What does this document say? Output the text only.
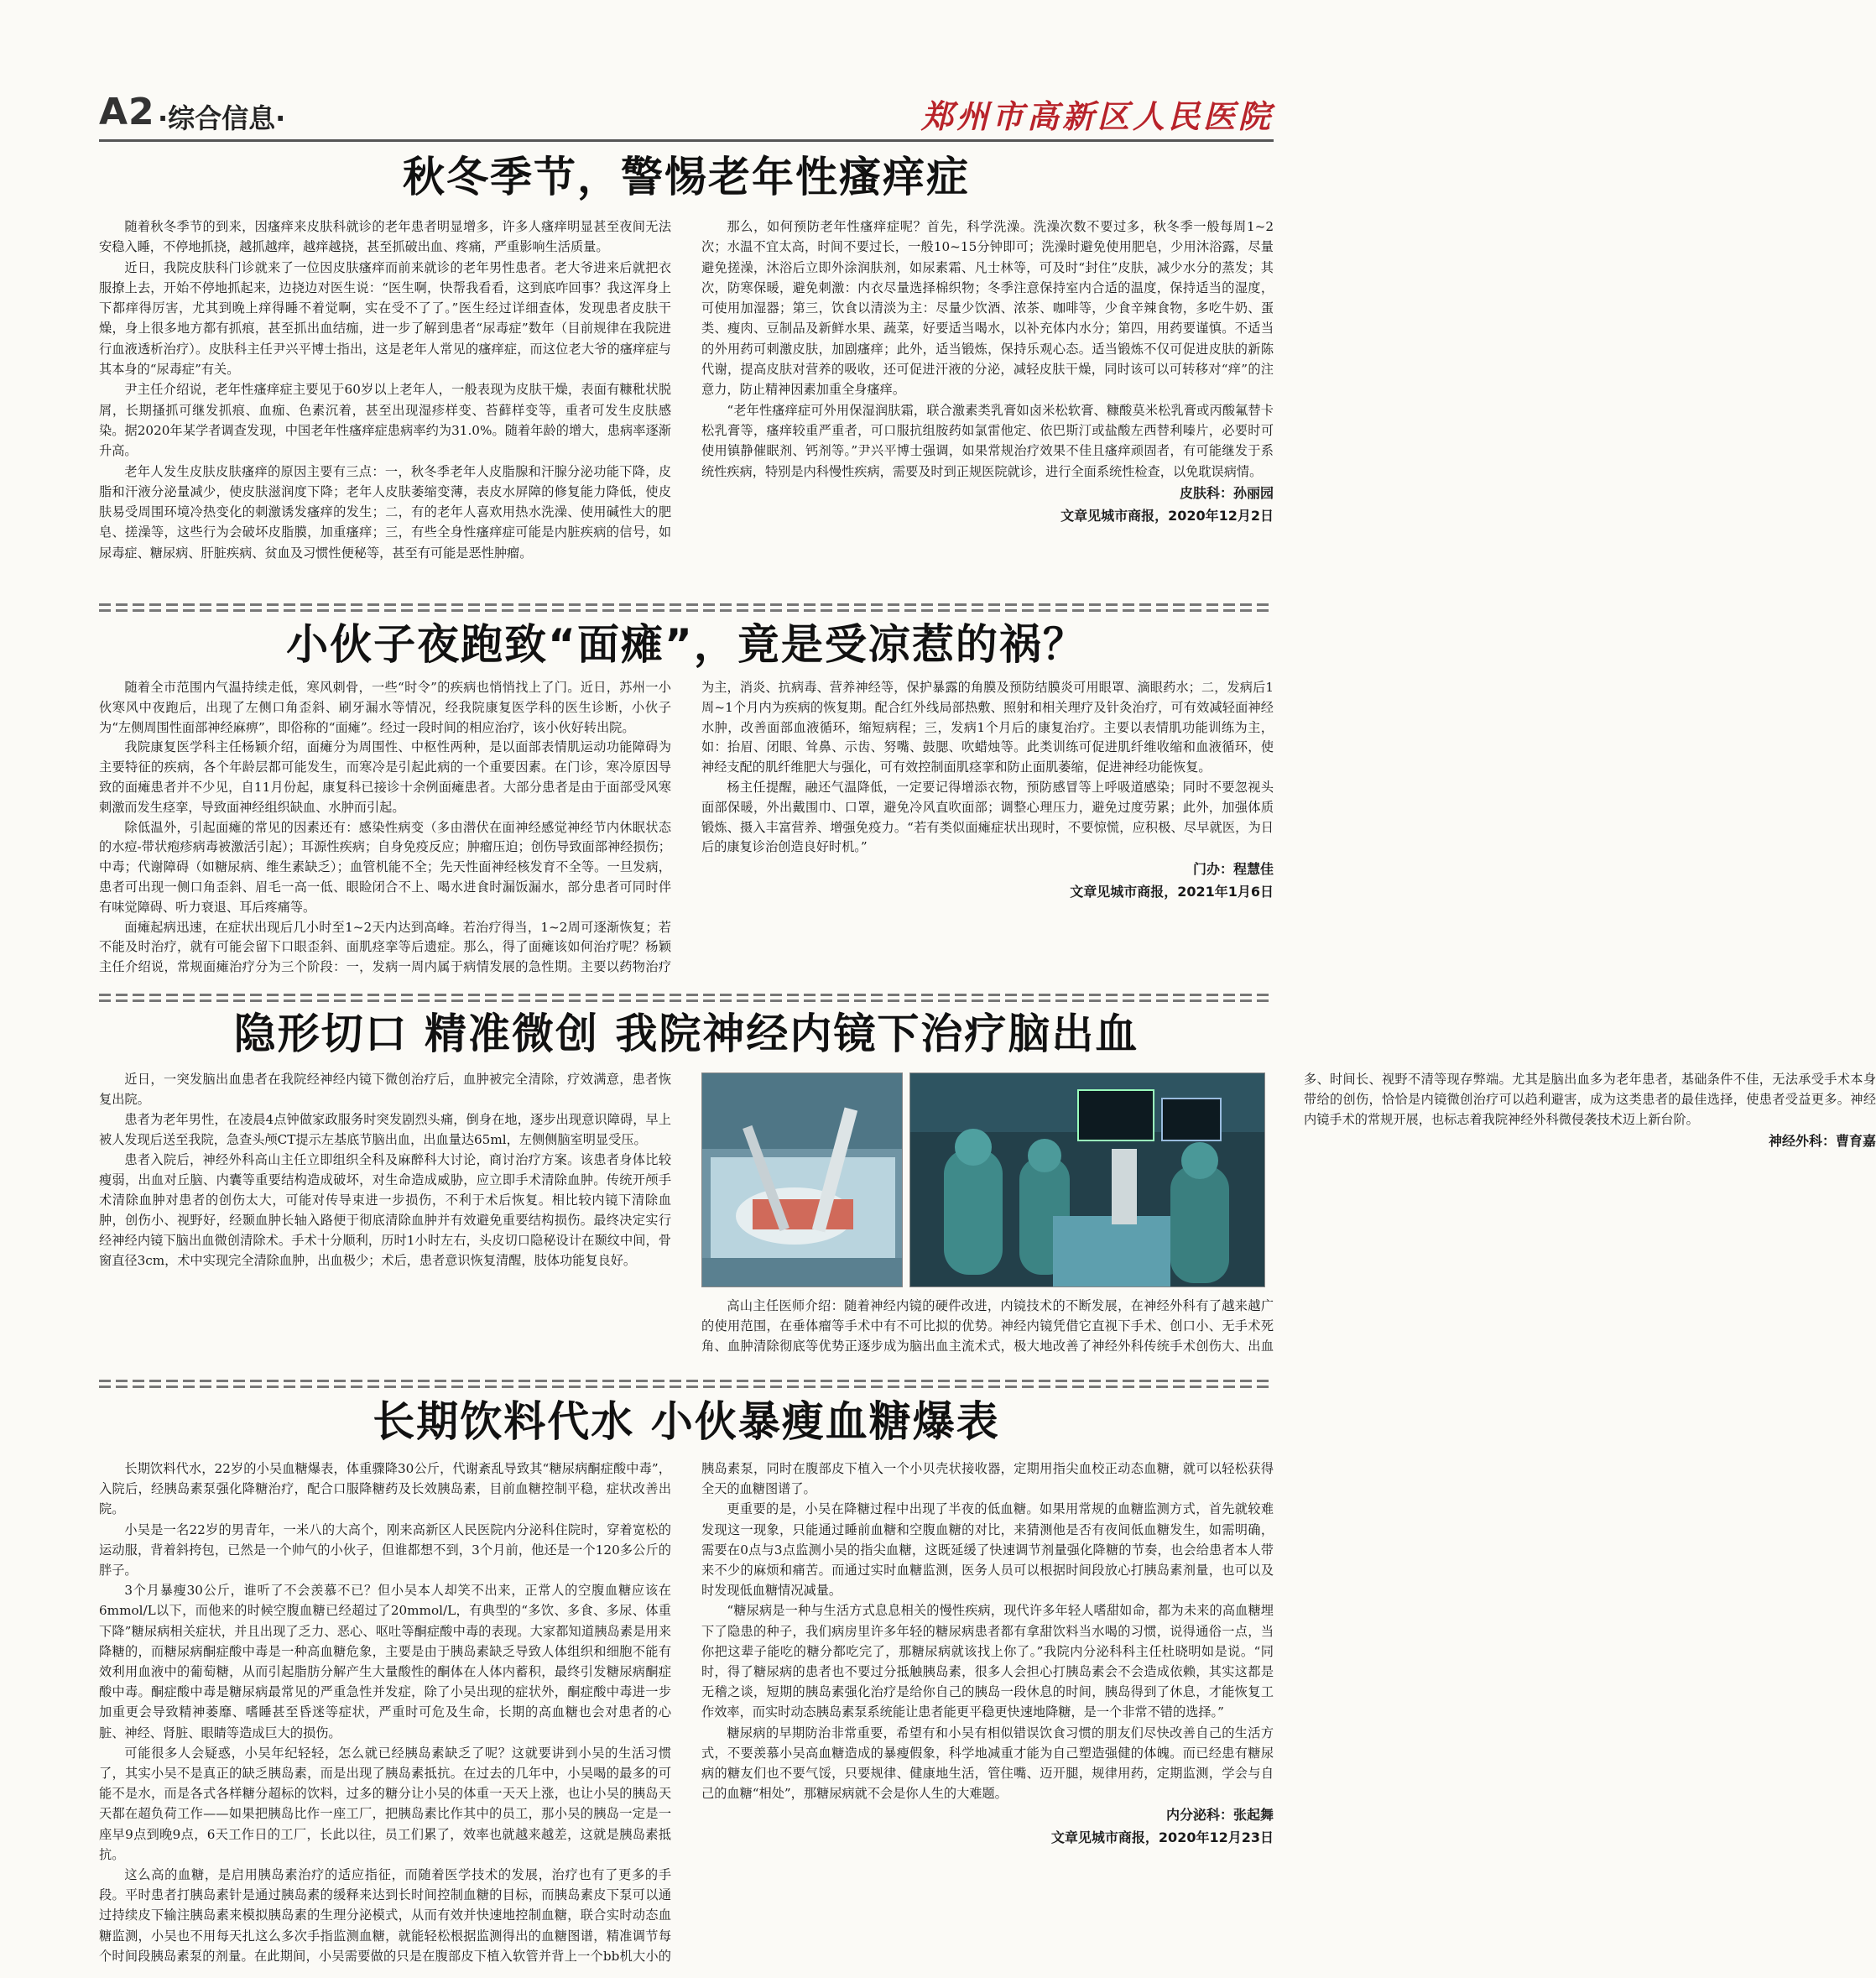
A2 ·综合信息·	郑州市高新区人民医院
秋冬季节，警惕老年性瘙痒症

随着秋冬季节的到来，因瘙痒来皮肤科就诊的老年患者明显增多，许多人瘙痒明显甚至夜间无法安稳入睡，不停地抓挠，越抓越痒，越痒越挠，甚至抓破出血、疼痛，严重影响生活质量。

近日，我院皮肤科门诊就来了一位因皮肤瘙痒而前来就诊的老年男性患者。老大爷进来后就把衣服撩上去，开始不停地抓起来，边挠边对医生说：“医生啊，快帮我看看，这到底咋回事？我这浑身上下都痒得厉害，尤其到晚上痒得睡不着觉啊，实在受不了了。”医生经过详细查体，发现患者皮肤干燥，身上很多地方都有抓痕，甚至抓出血结痂，进一步了解到患者“尿毒症”数年（目前规律在我院进行血液透析治疗）。皮肤科主任尹兴平博士指出，这是老年人常见的瘙痒症，而这位老大爷的瘙痒症与其本身的“尿毒症”有关。

尹主任介绍说，老年性瘙痒症主要见于60岁以上老年人，一般表现为皮肤干燥，表面有糠秕状脱屑，长期搔抓可继发抓痕、血痂、色素沉着，甚至出现湿疹样变、苔藓样变等，重者可发生皮肤感染。据2020年某学者调查发现，中国老年性瘙痒症患病率约为31.0%。随着年龄的增大，患病率逐渐升高。

老年人发生皮肤皮肤瘙痒的原因主要有三点：一，秋冬季老年人皮脂腺和汗腺分泌功能下降，皮脂和汗液分泌量减少，使皮肤滋润度下降；老年人皮肤萎缩变薄，表皮水屏障的修复能力降低，使皮肤易受周围环境冷热变化的刺激诱发瘙痒的发生；二，有的老年人喜欢用热水洗澡、使用碱性大的肥皂、搓澡等，这些行为会破坏皮脂膜，加重瘙痒；三，有些全身性瘙痒症可能是内脏疾病的信号，如尿毒症、糖尿病、肝脏疾病、贫血及习惯性便秘等，甚至有可能是恶性肿瘤。

那么，如何预防老年性瘙痒症呢？首先，科学洗澡。洗澡次数不要过多，秋冬季一般每周1~2次；水温不宜太高，时间不要过长，一般10~15分钟即可；洗澡时避免使用肥皂，少用沐浴露，尽量避免搓澡，沐浴后立即外涂润肤剂，如尿素霜、凡士林等，可及时“封住”皮肤，减少水分的蒸发；其次，防寒保暖，避免刺激：内衣尽量选择棉织物；冬季注意保持室内合适的温度，保持适当的湿度，可使用加湿器；第三，饮食以清淡为主：尽量少饮酒、浓茶、咖啡等，少食辛辣食物，多吃牛奶、蛋类、瘦肉、豆制品及新鲜水果、蔬菜，好要适当喝水，以补充体内水分；第四，用药要谨慎。不适当的外用药可刺激皮肤，加剧瘙痒；此外，适当锻炼，保持乐观心态。适当锻炼不仅可促进皮肤的新陈代谢，提高皮肤对营养的吸收，还可促进汗液的分泌，减轻皮肤干燥，同时该可以可转移对“痒”的注意力，防止精神因素加重全身瘙痒。

“老年性瘙痒症可外用保湿润肤霜，联合激素类乳膏如卤米松软膏、糠酸莫米松乳膏或丙酸氟替卡松乳膏等，瘙痒较重严重者，可口服抗组胺药如氯雷他定、依巴斯汀或盐酸左西替利嗪片，必要时可使用镇静催眠剂、钙剂等。”尹兴平博士强调，如果常规治疗效果不佳且瘙痒顽固者，有可能继发于系统性疾病，特别是内科慢性疾病，需要及时到正规医院就诊，进行全面系统性检查，以免耽误病情。

皮肤科：孙丽园
文章见城市商报，2020年12月2日
小伙子夜跑致“面瘫”，竟是受凉惹的祸？

随着全市范围内气温持续走低，寒风刺骨，一些“时令”的疾病也悄悄找上了门。近日，苏州一小伙寒风中夜跑后，出现了左侧口角歪斜、刷牙漏水等情况，经我院康复医学科的医生诊断，小伙子为“左侧周围性面部神经麻痹”，即俗称的“面瘫”。经过一段时间的相应治疗，该小伙好转出院。

我院康复医学科主任杨颖介绍，面瘫分为周围性、中枢性两种，是以面部表情肌运动功能障碍为主要特征的疾病，各个年龄层都可能发生，而寒冷是引起此病的一个重要因素。在门诊，寒冷原因导致的面瘫患者并不少见，自11月份起，康复科已接诊十余例面瘫患者。大部分患者是由于面部受风寒刺激而发生痉挛，导致面神经组织缺血、水肿而引起。

除低温外，引起面瘫的常见的因素还有：感染性病变（多由潜伏在面神经感觉神经节内休眠状态的水痘-带状疱疹病毒被激活引起）；耳源性疾病；自身免疫反应；肿瘤压迫；创伤导致面部神经损伤；中毒；代谢障碍（如糖尿病、维生素缺乏）；血管机能不全；先天性面神经核发育不全等。一旦发病，患者可出现一侧口角歪斜、眉毛一高一低、眼睑闭合不上、喝水进食时漏饭漏水，部分患者可同时伴有味觉障碍、听力衰退、耳后疼痛等。

面瘫起病迅速，在症状出现后几小时至1~2天内达到高峰。若治疗得当，1~2周可逐渐恢复；若不能及时治疗，就有可能会留下口眼歪斜、面肌痉挛等后遗症。那么，得了面瘫该如何治疗呢？杨颖主任介绍说，常规面瘫治疗分为三个阶段：一，发病一周内属于病情发展的急性期。主要以药物治疗为主，消炎、抗病毒、营养神经等，保护暴露的角膜及预防结膜炎可用眼罩、滴眼药水；二，发病后1周~1个月内为疾病的恢复期。配合红外线局部热敷、照射和相关理疗及针灸治疗，可有效减轻面神经水肿，改善面部血液循环，缩短病程；三，发病1个月后的康复治疗。主要以表情肌功能训练为主，如：抬眉、闭眼、耸鼻、示齿、努嘴、鼓腮、吹蜡烛等。此类训练可促进肌纤维收缩和血液循环，使神经支配的肌纤维肥大与强化，可有效控制面肌痉挛和防止面肌萎缩，促进神经功能恢复。

杨主任提醒，融还气温降低，一定要记得增添衣物，预防感冒等上呼吸道感染；同时不要忽视头面部保暖，外出戴围巾、口罩，避免冷风直吹面部；调整心理压力，避免过度劳累；此外，加强体质锻炼、摄入丰富营养、增强免疫力。“若有类似面瘫症状出现时，不要惊慌，应积极、尽早就医，为日后的康复诊治创造良好时机。”

门办：程慧佳
文章见城市商报，2021年1月6日
隐形切口 精准微创 我院神经内镜下治疗脑出血

近日，一突发脑出血患者在我院经神经内镜下微创治疗后，血肿被完全清除，疗效满意，患者恢复出院。

患者为老年男性，在凌晨4点钟做家政服务时突发剧烈头痛，倒身在地，逐步出现意识障碍，早上被人发现后送至我院，急查头颅CT提示左基底节脑出血，出血量达65ml，左侧侧脑室明显受压。

患者入院后，神经外科高山主任立即组织全科及麻醉科大讨论，商讨治疗方案。该患者身体比较瘦弱，出血对丘脑、内囊等重要结构造成破坏，对生命造成威胁，应立即手术清除血肿。传统开颅手术清除血肿对患者的创伤太大，可能对传导束进一步损伤，不利于术后恢复。相比较内镜下清除血肿，创伤小、视野好，经颞血肿长轴入路便于彻底清除血肿并有效避免重要结构损伤。最终决定实行经神经内镜下脑出血微创清除术。手术十分顺利，历时1小时左右，头皮切口隐秘设计在颞纹中间，骨窗直径3cm，术中实现完全清除血肿，出血极少；术后，患者意识恢复清醒，肢体功能复良好。

高山主任医师介绍：随着神经内镜的硬件改进，内镜技术的不断发展，在神经外科有了越来越广的使用范围，在垂体瘤等手术中有不可比拟的优势。神经内镜凭借它直视下手术、创口小、无手术死角、血肿清除彻底等优势正逐步成为脑出血主流术式，极大地改善了神经外科传统手术创伤大、出血多、时间长、视野不清等现存弊端。尤其是脑出血多为老年患者，基础条件不佳，无法承受手术本身带给的创伤，恰恰是内镜微创治疗可以趋利避害，成为这类患者的最佳选择，使患者受益更多。神经内镜手术的常规开展，也标志着我院神经外科微侵袭技术迈上新台阶。

神经外科：曹育嘉
长期饮料代水 小伙暴瘦血糖爆表

长期饮料代水，22岁的小吴血糖爆表，体重骤降30公斤，代谢紊乱导致其“糖尿病酮症酸中毒”，入院后，经胰岛素泵强化降糖治疗，配合口服降糖药及长效胰岛素，目前血糖控制平稳，症状改善出院。

小吴是一名22岁的男青年，一米八的大高个，刚来高新区人民医院内分泌科住院时，穿着宽松的运动服，背着斜挎包，已然是一个帅气的小伙子，但谁都想不到，3个月前，他还是一个120多公斤的胖子。

3个月暴瘦30公斤，谁听了不会羡慕不已？但小吴本人却笑不出来，正常人的空腹血糖应该在6mmol/L以下，而他来的时候空腹血糖已经超过了20mmol/L，有典型的“多饮、多食、多尿、体重下降”糖尿病相关症状，并且出现了乏力、恶心、呕吐等酮症酸中毒的表现。大家都知道胰岛素是用来降糖的，而糖尿病酮症酸中毒是一种高血糖危象，主要是由于胰岛素缺乏导致人体组织和细胞不能有效利用血液中的葡萄糖，从而引起脂肪分解产生大量酸性的酮体在人体内蓄积，最终引发糖尿病酮症酸中毒。酮症酸中毒是糖尿病最常见的严重急性并发症，除了小吴出现的症状外，酮症酸中毒进一步加重更会导致精神萎靡、嗜睡甚至昏迷等症状，严重时可危及生命，长期的高血糖也会对患者的心脏、神经、肾脏、眼睛等造成巨大的损伤。

可能很多人会疑惑，小吴年纪轻轻，怎么就已经胰岛素缺乏了呢？这就要讲到小吴的生活习惯了，其实小吴不是真正的缺乏胰岛素，而是出现了胰岛素抵抗。在过去的几年中，小吴喝的最多的可能不是水，而是各式各样糖分超标的饮料，过多的糖分让小吴的体重一天天上涨，也让小吴的胰岛天天都在超负荷工作——如果把胰岛比作一座工厂，把胰岛素比作其中的员工，那小吴的胰岛一定是一座早9点到晚9点，6天工作日的工厂，长此以往，员工们累了，效率也就越来越差，这就是胰岛素抵抗。

这么高的血糖，是启用胰岛素治疗的适应指征，而随着医学技术的发展，治疗也有了更多的手段。平时患者打胰岛素针是通过胰岛素的缓释来达到长时间控制血糖的目标，而胰岛素皮下泵可以通过持续皮下输注胰岛素来模拟胰岛素的生理分泌模式，从而有效并快速地控制血糖，联合实时动态血糖监测，小吴也不用每天扎这么多次手指监测血糖，就能轻松根据监测得出的血糖图谱，精准调节每个时间段胰岛素泵的剂量。在此期间，小吴需要做的只是在腹部皮下植入软管并背上一个bb机大小的胰岛素泵，同时在腹部皮下植入一个小贝壳状接收器，定期用指尖血校正动态血糖，就可以轻松获得全天的血糖图谱了。

更重要的是，小吴在降糖过程中出现了半夜的低血糖。如果用常规的血糖监测方式，首先就较难发现这一现象，只能通过睡前血糖和空腹血糖的对比，来猜测他是否有夜间低血糖发生，如需明确，需要在0点与3点监测小吴的指尖血糖，这既延缓了快速调节剂量强化降糖的节奏，也会给患者本人带来不少的麻烦和痛苦。而通过实时血糖监测，医务人员可以根据时间段放心打胰岛素剂量，也可以及时发现低血糖情况减量。

“糖尿病是一种与生活方式息息相关的慢性疾病，现代许多年轻人嗜甜如命，都为未来的高血糖埋下了隐患的种子，我们病房里许多年轻的糖尿病患者都有拿甜饮料当水喝的习惯，说得通俗一点，当你把这辈子能吃的糖分都吃完了，那糖尿病就该找上你了。”我院内分泌科科主任杜晓明如是说。“同时，得了糖尿病的患者也不要过分抵触胰岛素，很多人会担心打胰岛素会不会造成依赖，其实这都是无稽之谈，短期的胰岛素强化治疗是给你自己的胰岛一段休息的时间，胰岛得到了休息，才能恢复工作效率，而实时动态胰岛素泵系统能让患者能更平稳更快速地降糖，是一个非常不错的选择。”

糖尿病的早期防治非常重要，希望有和小吴有相似错误饮食习惯的朋友们尽快改善自己的生活方式，不要羡慕小吴高血糖造成的暴瘦假象，科学地减重才能为自己塑造强健的体魄。而已经患有糖尿病的糖友们也不要气馁，只要规律、健康地生活，管住嘴、迈开腿，规律用药，定期监测，学会与自己的血糖“相处”，那糖尿病就不会是你人生的大难题。

内分泌科：张起舞
文章见城市商报，2020年12月23日
